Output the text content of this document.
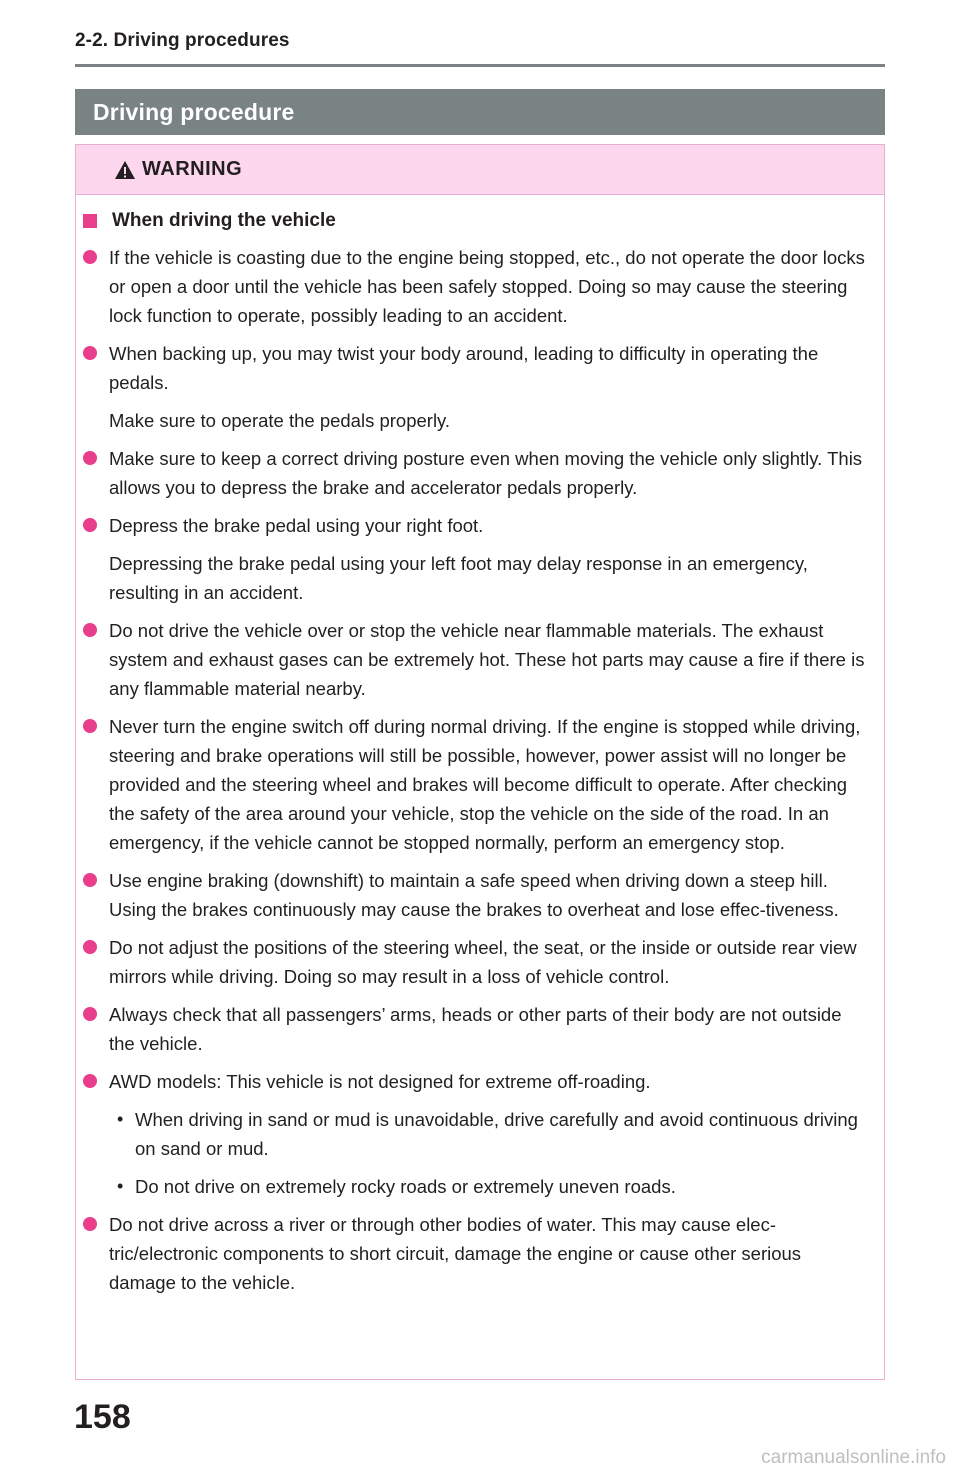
2-2. Driving procedures
Driving procedure
WARNING
When driving the vehicle

If the vehicle is coasting due to the engine being stopped, etc., do not operate the door locks or open a door until the vehicle has been safely stopped. Doing so may cause the steering lock function to operate, possibly leading to an accident.

When backing up, you may twist your body around, leading to difficulty in operating the pedals.

Make sure to operate the pedals properly.

Make sure to keep a correct driving posture even when moving the vehicle only slightly. This allows you to depress the brake and accelerator pedals properly.

Depress the brake pedal using your right foot.

Depressing the brake pedal using your left foot may delay response in an emergency, resulting in an accident.

Do not drive the vehicle over or stop the vehicle near flammable materials. The exhaust system and exhaust gases can be extremely hot. These hot parts may cause a fire if there is any flammable material nearby.

Never turn the engine switch off during normal driving. If the engine is stopped while driving, steering and brake operations will still be possible, however, power assist will no longer be provided and the steering wheel and brakes will become difficult to operate. After checking the safety of the area around your vehicle, stop the vehicle on the side of the road. In an emergency, if the vehicle cannot be stopped normally, perform an emergency stop.

Use engine braking (downshift) to maintain a safe speed when driving down a steep hill. Using the brakes continuously may cause the brakes to overheat and lose effec-tiveness.

Do not adjust the positions of the steering wheel, the seat, or the inside or outside rear view mirrors while driving. Doing so may result in a loss of vehicle control.

Always check that all passengers’ arms, heads or other parts of their body are not outside the vehicle.

AWD models: This vehicle is not designed for extreme off-roading.

• When driving in sand or mud is unavoidable, drive carefully and avoid continuous driving on sand or mud.

• Do not drive on extremely rocky roads or extremely uneven roads.

Do not drive across a river or through other bodies of water. This may cause elec-tric/electronic components to short circuit, damage the engine or cause other serious damage to the vehicle.

158
carmanualsonline.info
